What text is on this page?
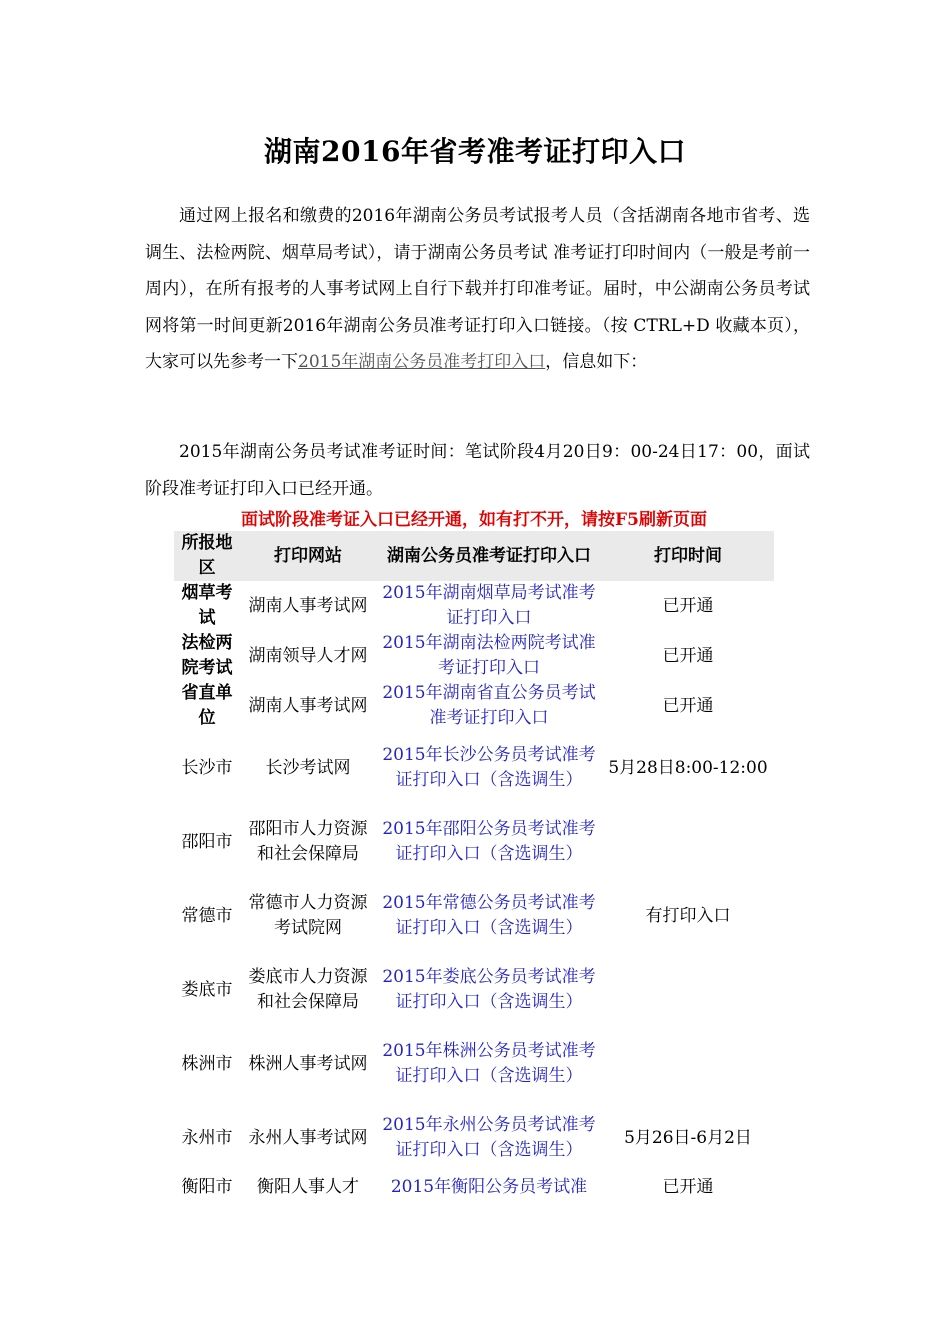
湖南2016年省考准考证打印入口
通过网上报名和缴费的2016年湖南公务员考试报考人员（含括湖南各地市省考、选调生、法检两院、烟草局考试），请于湖南公务员考试 准考证打印时间内（一般是考前一周内），在所有报考的人事考试网上自行下载并打印准考证。届时，中公湖南公务员考试网将第一时间更新2016年湖南公务员准考证打印入口链接。（按 CTRL+D 收藏本页），大家可以先参考一下2015年湖南公务员准考打印入口，信息如下：
2015年湖南公务员考试准考证时间：笔试阶段4月20日9：00-24日17：00，面试阶段准考证打印入口已经开通。
面试阶段准考证入口已经开通，如有打不开，请按F5刷新页面
所报地区	打印网站	湖南公务员准考证打印入口	打印时间
烟草考试	湖南人事考试网	2015年湖南烟草局考试准考证打印入口	已开通
法检两院考试	湖南领导人才网	2015年湖南法检两院考试准考证打印入口	已开通
省直单位	湖南人事考试网	2015年湖南省直公务员考试准考证打印入口	已开通
长沙市	长沙考试网	2015年长沙公务员考试准考证打印入口（含选调生）	5月28日8:00-12:00
邵阳市	邵阳市人力资源和社会保障局	2015年邵阳公务员考试准考证打印入口（含选调生）	
常德市	常德市人力资源考试院网	2015年常德公务员考试准考证打印入口（含选调生）	有打印入口
娄底市	娄底市人力资源和社会保障局	2015年娄底公务员考试准考证打印入口（含选调生）	
株洲市	株洲人事考试网	2015年株洲公务员考试准考证打印入口（含选调生）	
永州市	永州人事考试网	2015年永州公务员考试准考证打印入口（含选调生）	5月26日-6月2日
衡阳市	衡阳人事人才	2015年衡阳公务员考试准	已开通
